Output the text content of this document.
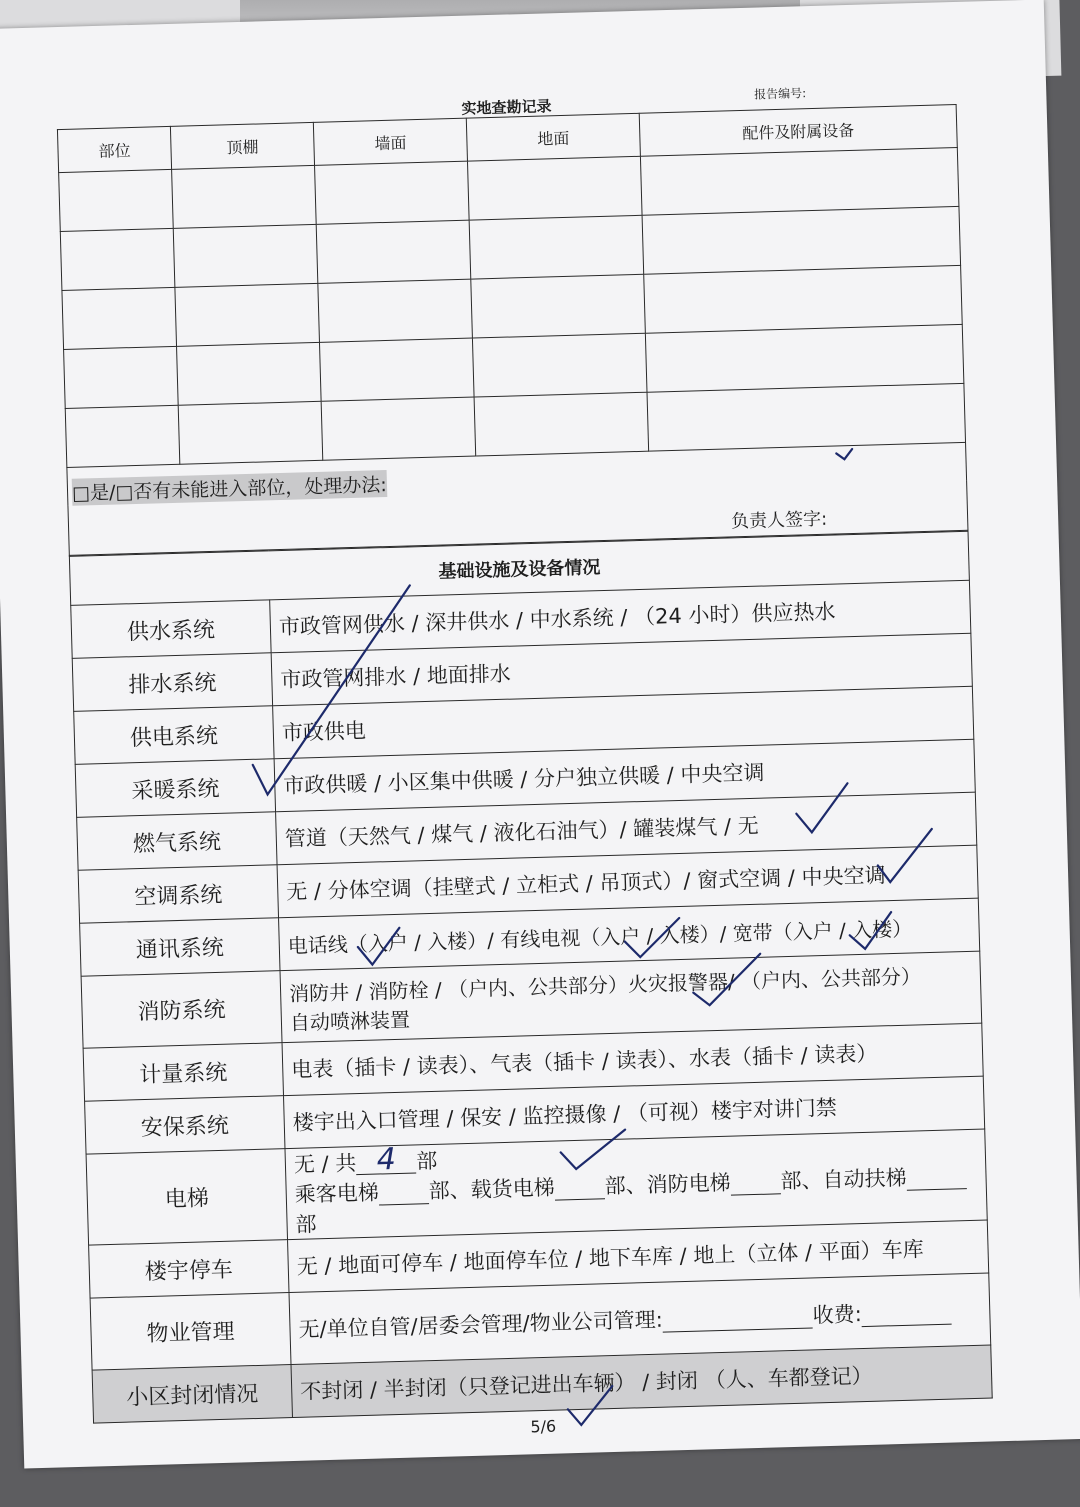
实地查勘记录
报告编号:
部位	顶棚	墙面	地面	配件及附属设备

□是/□否有未能进入部位，处理办法:
负责人签字:
基础设施及设备情况	
供水系统	市政管网供水 / 深井供水 / 中水系统 / （24 小时）供应热水
排水系统	市政管网排水 / 地面排水
供电系统	市政供电
采暖系统	市政供暖 / 小区集中供暖 / 分户独立供暖 / 中央空调
燃气系统	管道（天然气 / 煤气 / 液化石油气）/ 罐装煤气 / 无
空调系统	无 / 分体空调（挂壁式 / 立柜式 / 吊顶式）/ 窗式空调 / 中央空调
通讯系统	电话线（入户 / 入楼）/ 有线电视（入户 / 入楼）/ 宽带（入户 / 入楼）
消防系统	消防井 / 消防栓 / （户内、公共部分）火灾报警器/ （户内、公共部分）
自动喷淋装置

计量系统	电表（插卡 / 读表）、气表（插卡 / 读表）、水表（插卡 / 读表）
安保系统	楼宇出入口管理 / 保安 / 监控摄像 / （可视）楼宇对讲门禁
电梯	无 / 共 4 部
乘客电梯 部、载货电梯 部、消防电梯 部、自动扶梯 部

楼宇停车	无 / 地面可停车 / 地面停车位 / 地下车库 / 地上（立体 / 平面）车库
物业管理	无/单位自管/居委会管理/物业公司管理: 收费:
小区封闭情况	不封闭 / 半封闭（只登记进出车辆） / 封闭 （人、车都登记）
5/6
